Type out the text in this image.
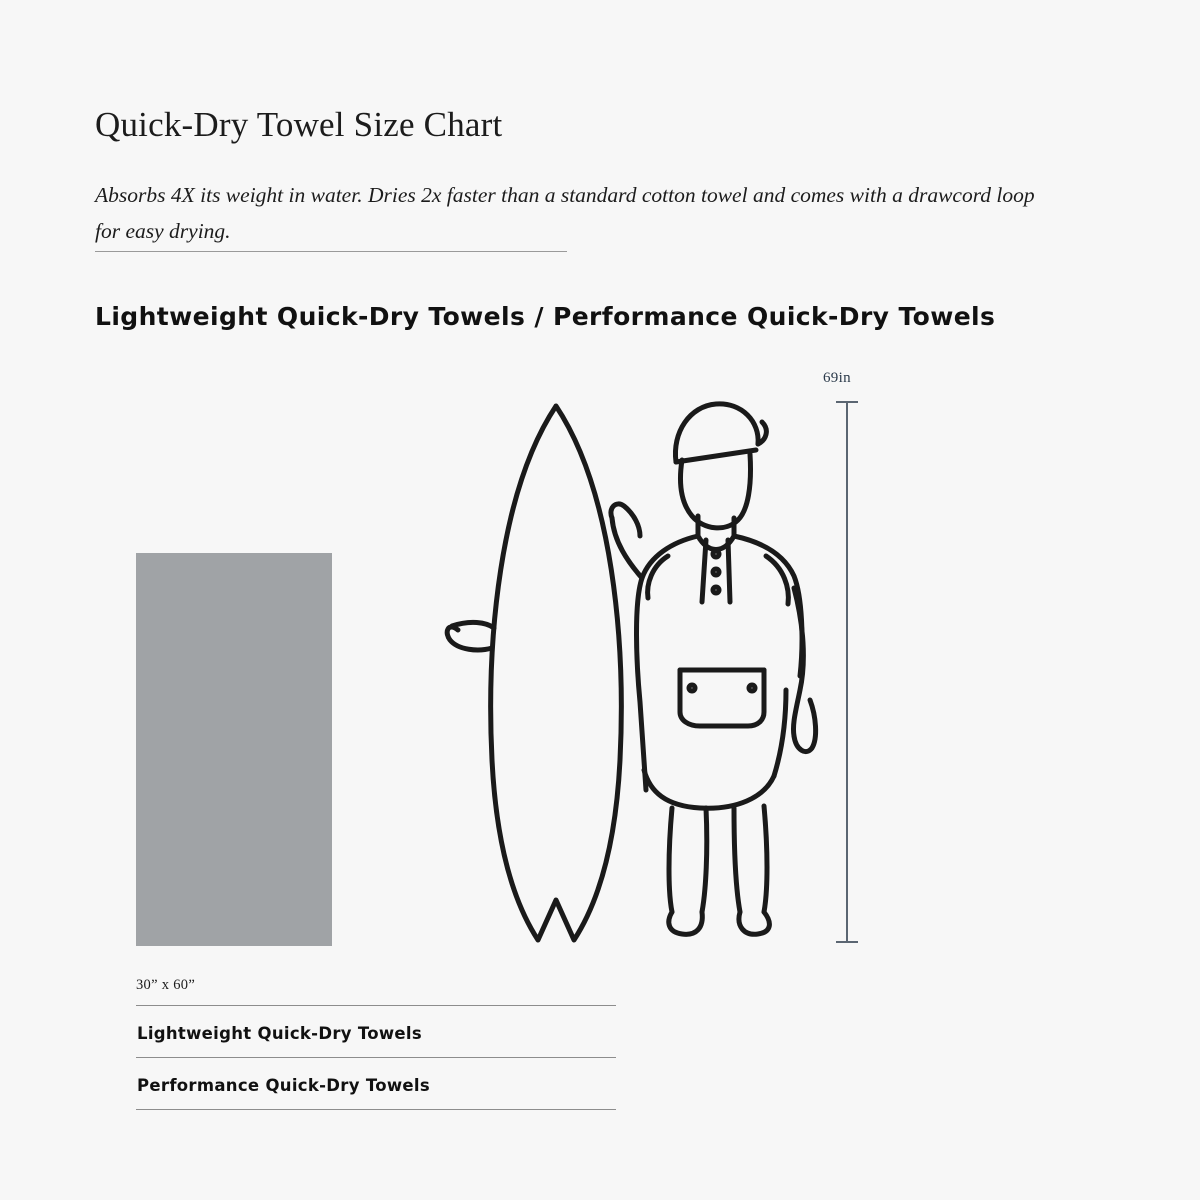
Quick-Dry Towel Size Chart

Absorbs 4X its weight in water. Dries 2x faster than a standard cotton towel and comes with a drawcord loop for easy drying.

Lightweight Quick-Dry Towels / Performance Quick-Dry Towels
30” x 60”
69in
Lightweight Quick-Dry Towels
Performance Quick-Dry Towels
